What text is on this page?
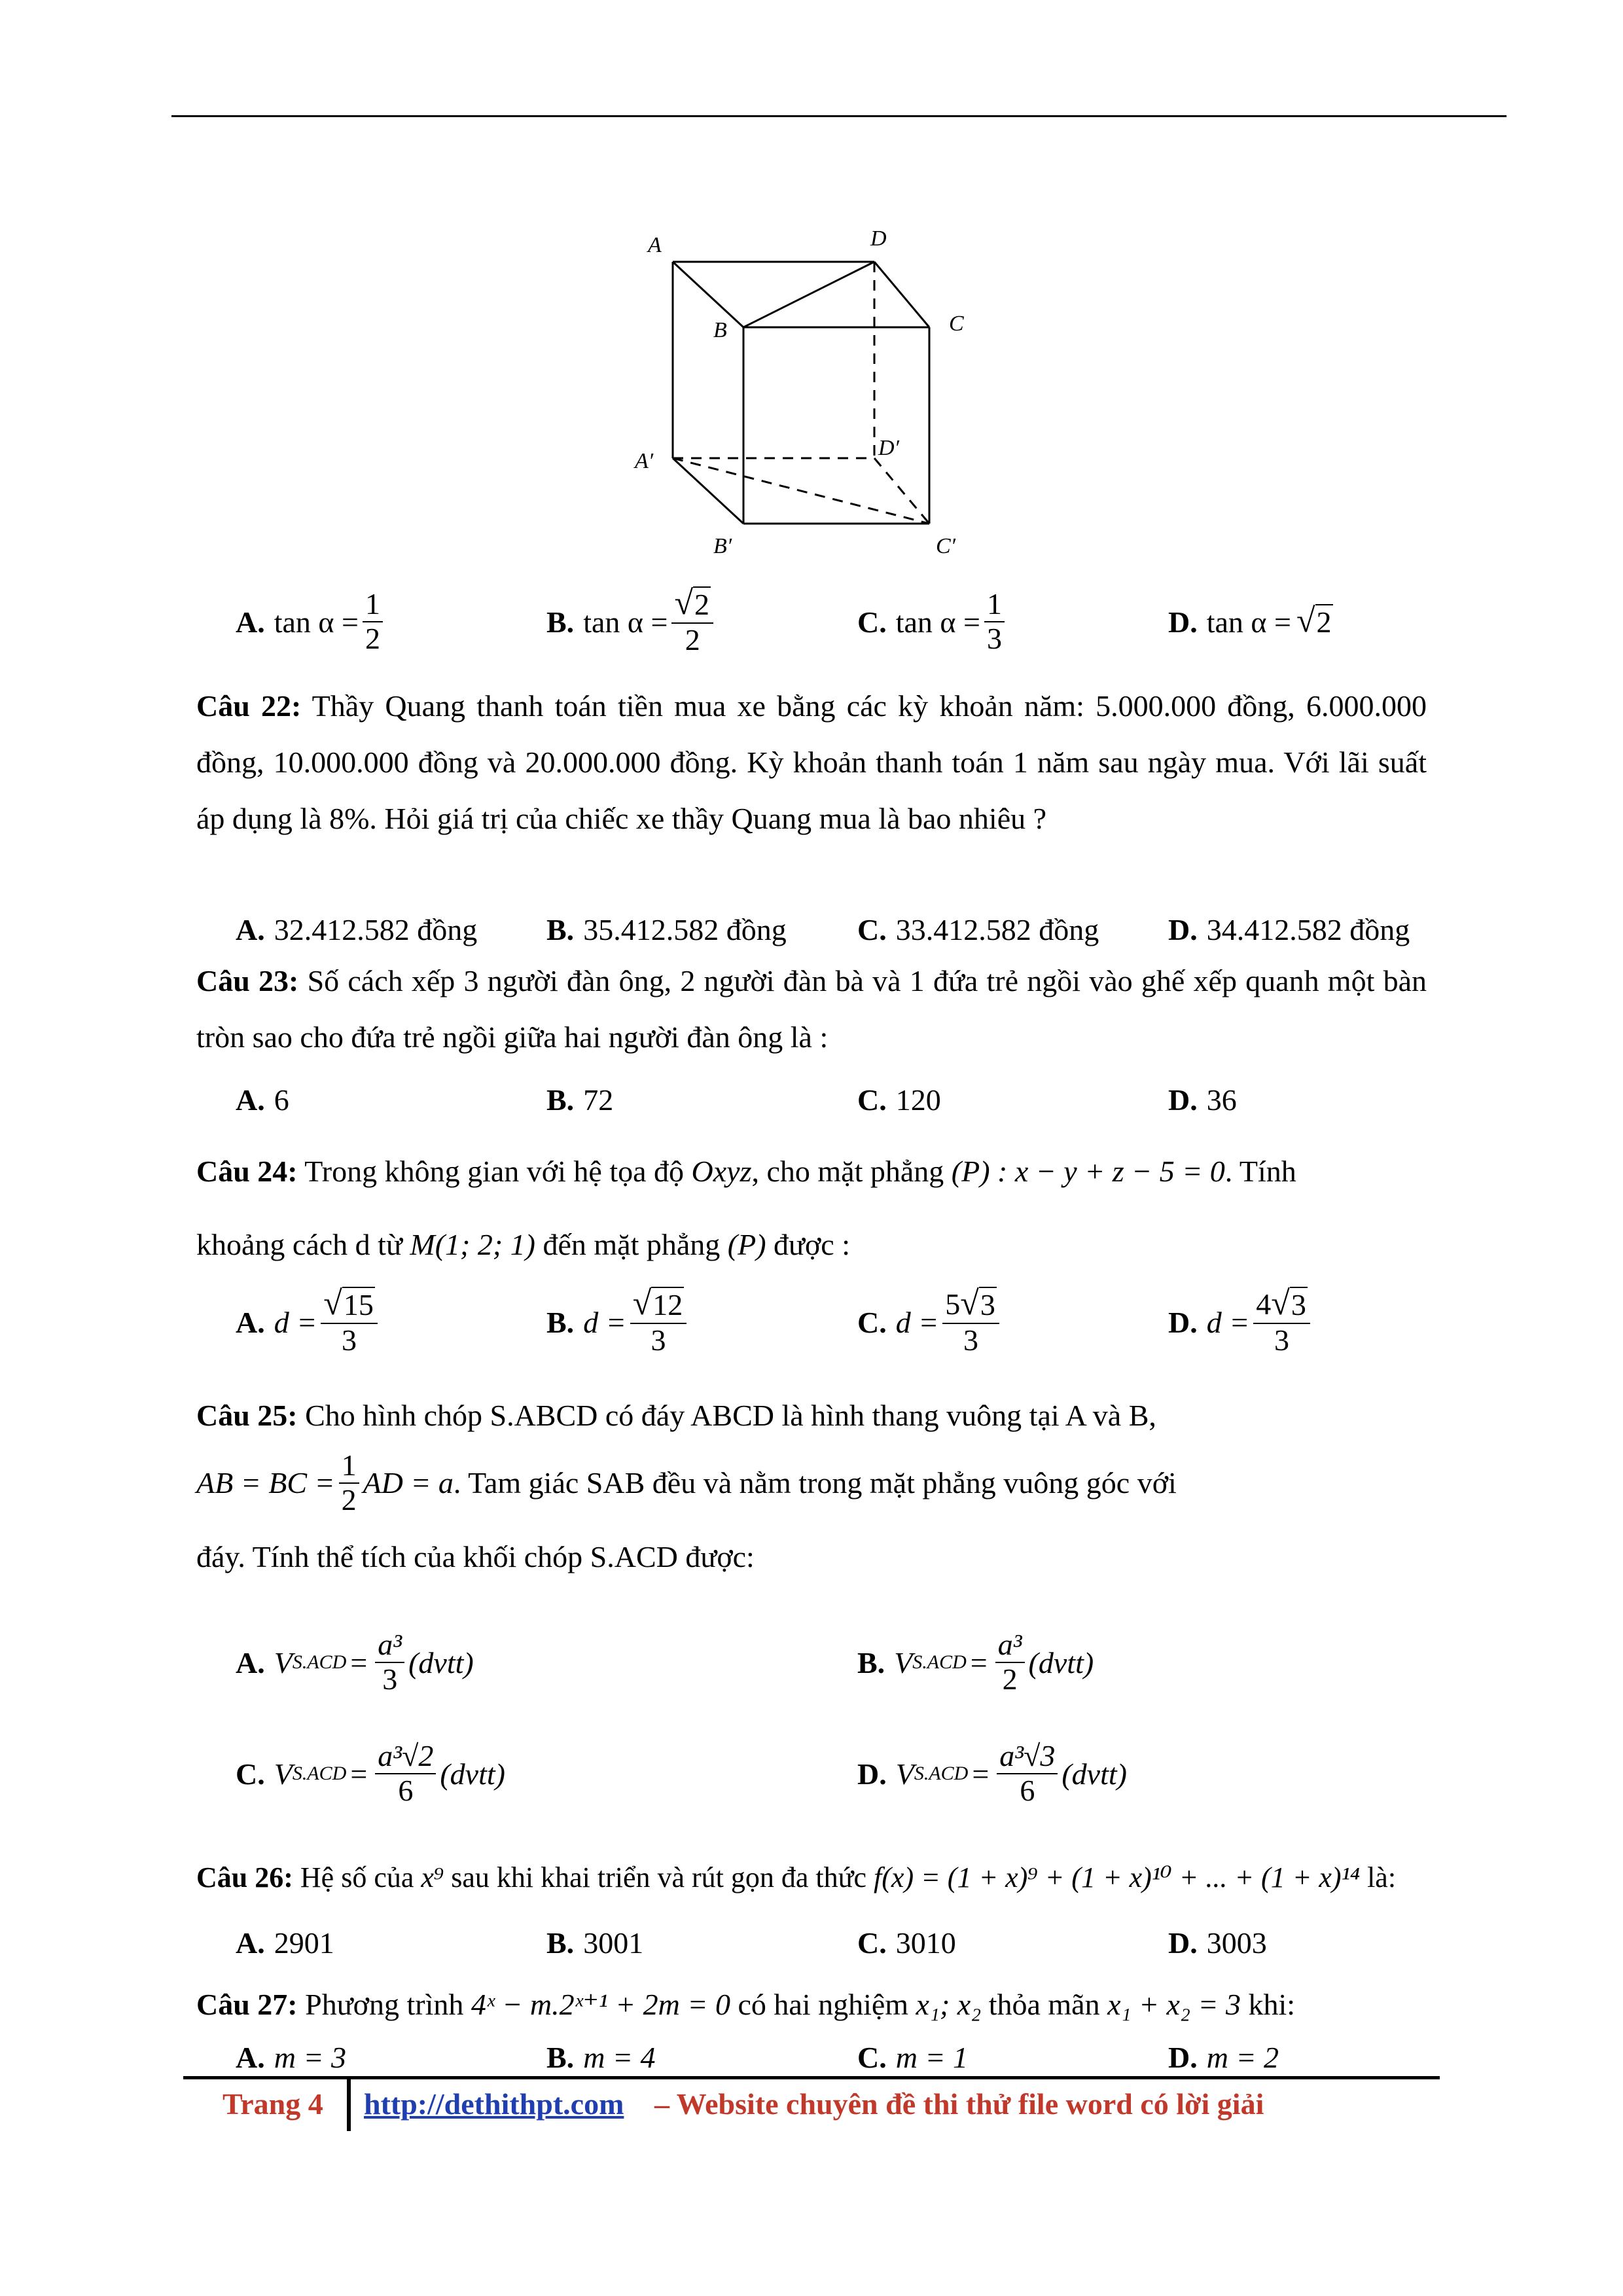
A	D
B	C
A′
D′
B′	C′
A. $\tan \alpha = \frac{1}{2}$	B. $\tan \alpha = \frac{√ 2}{2}$	C. $\tan \alpha = \frac{1}{3}$	D. tan α = √ 2
Câu 22: Thầy Quang thanh toán tiền mua xe bằng các kỳ khoản năm: 5.000.000 đồng, 6.000.000 đồng, 10.000.000 đồng và 20.000.000 đồng. Kỳ khoản thanh toán 1 năm sau ngày mua. Với lãi suất áp dụng là 8%. Hỏi giá trị của chiếc xe thầy Quang mua là bao nhiêu ?
A. 32.412.582 đồng B. 35.412.582 đồng C. 33.412.582 đồng D. 34.412.582 đồng
Câu 23: Số cách xếp 3 người đàn ông, 2 người đàn bà và 1 đứa trẻ ngồi vào ghế xếp quanh một bàn tròn sao cho đứa trẻ ngồi giữa hai người đàn ông là :
A. 6	B. 72	C. 120	D. 36
Câu 24: Trong không gian với hệ tọa độ Oxyz, cho mặt phẳng (P) : x − y + z − 5 = 0. Tính
khoảng cách d từ M(1; 2; 1) đến mặt phẳng (P) được :
A. $d = \frac{√ 15}{3}$	B. $d = \frac{√ 12}{3}$	C. $d = \frac{5 √ 3}{3}$	D. $d = \frac{4 √ 3}{3}$
Câu 25: Cho hình chóp S.ABCD có đáy ABCD là hình thang vuông tại A và B,
AB = BC = $\frac{1}{2}$ AD = a . Tam giác SAB đều và nằm trong mặt phẳng vuông góc với
đáy. Tính thể tích của khối chóp S.ACD được:
A. V $S.ACD = \frac{\text{a³}}{3}$ (dvtt)	B. V $S.ACD = \frac{\text{a³}}{2}$ (dvtt)
C. V $S.ACD = \frac{\text{a³√2}}{6}$ (dvtt)	D. V $S.ACD = \frac{\text{a³√3}}{6}$ (dvtt)
Câu 26: Hệ số của x⁹ sau khi khai triển và rút gọn đa thức f(x) = (1 + x)⁹ + (1 + x)¹⁰ + ... + (1 + x)¹⁴ là:
A. 2901	B. 3001	C. 3010	D. 3003
Câu 27: Phương trình 4ˣ − m.2ˣ⁺¹ + 2m = 0 có hai nghiệm x₁; x₂ thỏa mãn x₁ + x₂ = 3 khi:
A. m = 3	B. m = 4	C. m = 1	D. m = 2
Trang 4 http://dethithpt.com – Website chuyên đề thi thử file word có lời giải
